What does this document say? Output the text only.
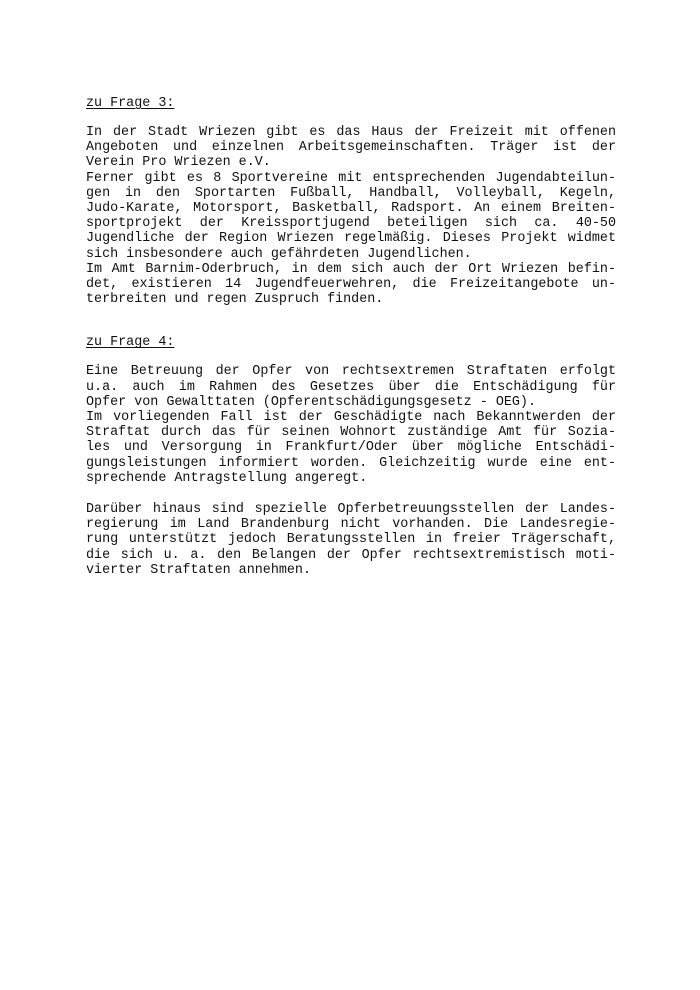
zu Frage 3:
In der Stadt Wriezen gibt es das Haus der Freizeit mit offenen
Angeboten und einzelnen Arbeitsgemeinschaften. Träger ist der
Verein Pro Wriezen e.V.
Ferner gibt es 8 Sportvereine mit entsprechenden Jugendabteilun-
gen in den Sportarten Fußball, Handball, Volleyball, Kegeln,
Judo-Karate, Motorsport, Basketball, Radsport. An einem Breiten-
sportprojekt der Kreissportjugend beteiligen sich ca. 40-50
Jugendliche der Region Wriezen regelmäßig. Dieses Projekt widmet
sich insbesondere auch gefährdeten Jugendlichen.
Im Amt Barnim-Oderbruch, in dem sich auch der Ort Wriezen befin-
det, existieren 14 Jugendfeuerwehren, die Freizeitangebote un-
terbreiten und regen Zuspruch finden.
zu Frage 4:
Eine Betreuung der Opfer von rechtsextremen Straftaten erfolgt
u.a. auch im Rahmen des Gesetzes über die Entschädigung für
Opfer von Gewalttaten (Opferentschädigungsgesetz - OEG).
Im vorliegenden Fall ist der Geschädigte nach Bekanntwerden der
Straftat durch das für seinen Wohnort zuständige Amt für Sozia-
les und Versorgung in Frankfurt/Oder über mögliche Entschädi-
gungsleistungen informiert worden. Gleichzeitig wurde eine ent-
sprechende Antragstellung angeregt.
Darüber hinaus sind spezielle Opferbetreuungsstellen der Landes-
regierung im Land Brandenburg nicht vorhanden. Die Landesregie-
rung unterstützt jedoch Beratungsstellen in freier Trägerschaft,
die sich u. a. den Belangen der Opfer rechtsextremistisch moti-
vierter Straftaten annehmen.
